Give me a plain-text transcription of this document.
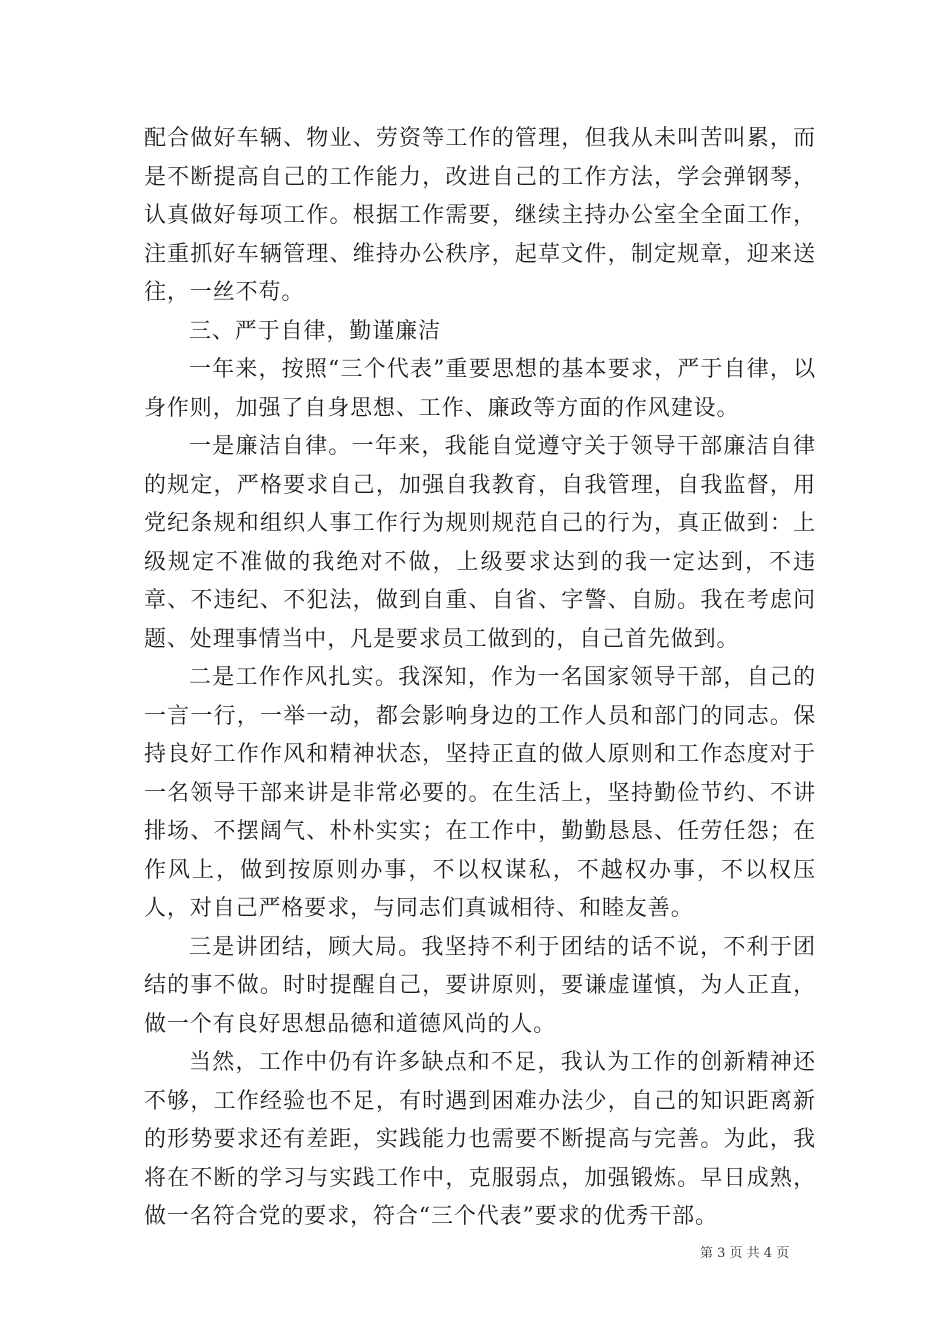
配合做好车辆、物业、劳资等工作的管理，但我从未叫苦叫累，而是不断提高自己的工作能力，改进自己的工作方法，学会弹钢琴，认真做好每项工作。根据工作需要，继续主持办公室全全面工作，注重抓好车辆管理、维持办公秩序，起草文件，制定规章，迎来送往，一丝不苟。

三、严于自律，勤谨廉洁

一年来，按照“三个代表”重要思想的基本要求，严于自律，以身作则，加强了自身思想、工作、廉政等方面的作风建设。

一是廉洁自律。一年来，我能自觉遵守关于领导干部廉洁自律的规定，严格要求自己，加强自我教育，自我管理，自我监督，用党纪条规和组织人事工作行为规则规范自己的行为，真正做到：上级规定不准做的我绝对不做，上级要求达到的我一定达到，不违章、不违纪、不犯法，做到自重、自省、字警、自励。我在考虑问题、处理事情当中，凡是要求员工做到的，自己首先做到。

二是工作作风扎实。我深知，作为一名国家领导干部，自己的一言一行，一举一动，都会影响身边的工作人员和部门的同志。保持良好工作作风和精神状态，坚持正直的做人原则和工作态度对于一名领导干部来讲是非常必要的。在生活上，坚持勤俭节约、不讲排场、不摆阔气、朴朴实实；在工作中，勤勤恳恳、任劳任怨；在作风上，做到按原则办事，不以权谋私，不越权办事，不以权压人，对自己严格要求，与同志们真诚相待、和睦友善。

三是讲团结，顾大局。我坚持不利于团结的话不说，不利于团结的事不做。时时提醒自己，要讲原则，要谦虚谨慎，为人正直，做一个有良好思想品德和道德风尚的人。

当然，工作中仍有许多缺点和不足，我认为工作的创新精神还不够，工作经验也不足，有时遇到困难办法少，自己的知识距离新的形势要求还有差距，实践能力也需要不断提高与完善。为此，我将在不断的学习与实践工作中，克服弱点，加强锻炼。早日成熟，做一名符合党的要求，符合“三个代表”要求的优秀干部。

第 3 页 共 4 页
